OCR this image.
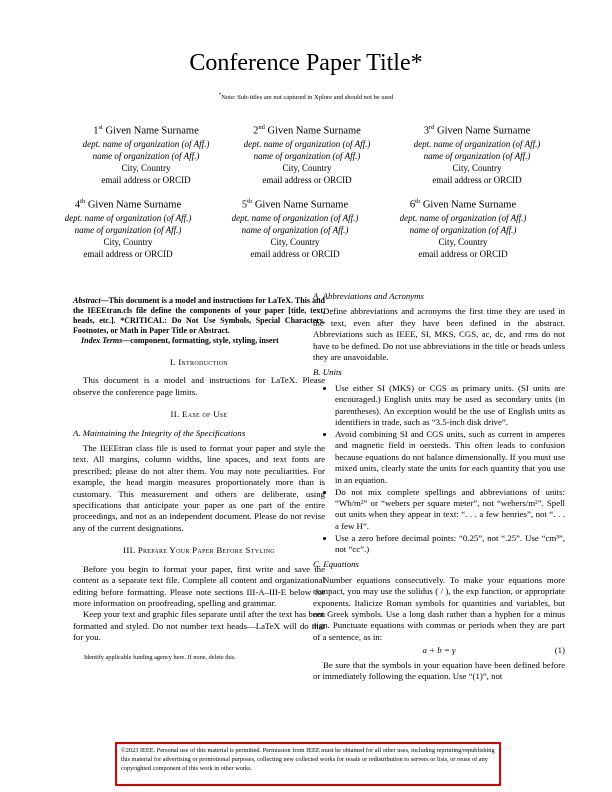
Conference Paper Title*
*Note: Sub-titles are not captured in Xplore and should not be used
1st Given Name Surname
dept. name of organization (of Aff.)
name of organization (of Aff.)
City, Country
email address or ORCID
2nd Given Name Surname
dept. name of organization (of Aff.)
name of organization (of Aff.)
City, Country
email address or ORCID
3rd Given Name Surname
dept. name of organization (of Aff.)
name of organization (of Aff.)
City, Country
email address or ORCID
4th Given Name Surname
dept. name of organization (of Aff.)
name of organization (of Aff.)
City, Country
email address or ORCID
5th Given Name Surname
dept. name of organization (of Aff.)
name of organization (of Aff.)
City, Country
email address or ORCID
6th Given Name Surname
dept. name of organization (of Aff.)
name of organization (of Aff.)
City, Country
email address or ORCID
Abstract—This document is a model and instructions for LaTeX. This and the IEEEtran.cls file define the components of your paper [title, text, heads, etc.]. *CRITICAL: Do Not Use Symbols, Special Characters, Footnotes, or Math in Paper Title or Abstract.
Index Terms—component, formatting, style, styling, insert
I. Introduction

This document is a model and instructions for LaTeX. Please observe the conference page limits.

II. Ease of Use
A. Maintaining the Integrity of the Specifications

The IEEEtran class file is used to format your paper and style the text. All margins, column widths, line spaces, and text fonts are prescribed; please do not alter them. You may note peculiarities. For example, the head margin measures proportionately more than is customary. This measurement and others are deliberate, using specifications that anticipate your paper as one part of the entire proceedings, and not as an independent document. Please do not revise any of the current designations.

III. Prepare Your Paper Before Styling

Before you begin to format your paper, first write and save the content as a separate text file. Complete all content and organizational editing before formatting. Please note sections III-A–III-E below for more information on proofreading, spelling and grammar.

Keep your text and graphic files separate until after the text has been formatted and styled. Do not number text heads—LaTeX will do that for you.

Identify applicable funding agency here. If none, delete this.
A. Abbreviations and Acronyms

Define abbreviations and acronyms the first time they are used in the text, even after they have been defined in the abstract. Abbreviations such as IEEE, SI, MKS, CGS, ac, dc, and rms do not have to be defined. Do not use abbreviations in the title or heads unless they are unavoidable.

B. Units
• Use either SI (MKS) or CGS as primary units. (SI units are encouraged.) English units may be used as secondary units (in parentheses). An exception would be the use of English units as identifiers in trade, such as “3.5-inch disk drive”.
• Avoid combining SI and CGS units, such as current in amperes and magnetic field in oersteds. This often leads to confusion because equations do not balance dimensionally. If you must use mixed units, clearly state the units for each quantity that you use in an equation.
• Do not mix complete spellings and abbreviations of units: “Wb/m²” or “webers per square meter”, not “webers/m²”. Spell out units when they appear in text: “. . . a few henries”, not “. . . a few H”.
• Use a zero before decimal points: “0.25”, not “.25”. Use “cm³”, not “cc”.)
C. Equations

Number equations consecutively. To make your equations more compact, you may use the solidus ( / ), the exp function, or appropriate exponents. Italicize Roman symbols for quantities and variables, but not Greek symbols. Use a long dash rather than a hyphen for a minus sign. Punctuate equations with commas or periods when they are part of a sentence, as in:

a + b = γ	(1)

Be sure that the symbols in your equation have been defined before or immediately following the equation. Use “(1)”, not

©2023 IEEE. Personal use of this material is permitted. Permission from IEEE must be obtained for all other uses, including reprinting/republishing this material for advertising or promotional purposes, collecting new collected works for resale or redistribution to servers or lists, or reuse of any copyrighted component of this work in other works.
